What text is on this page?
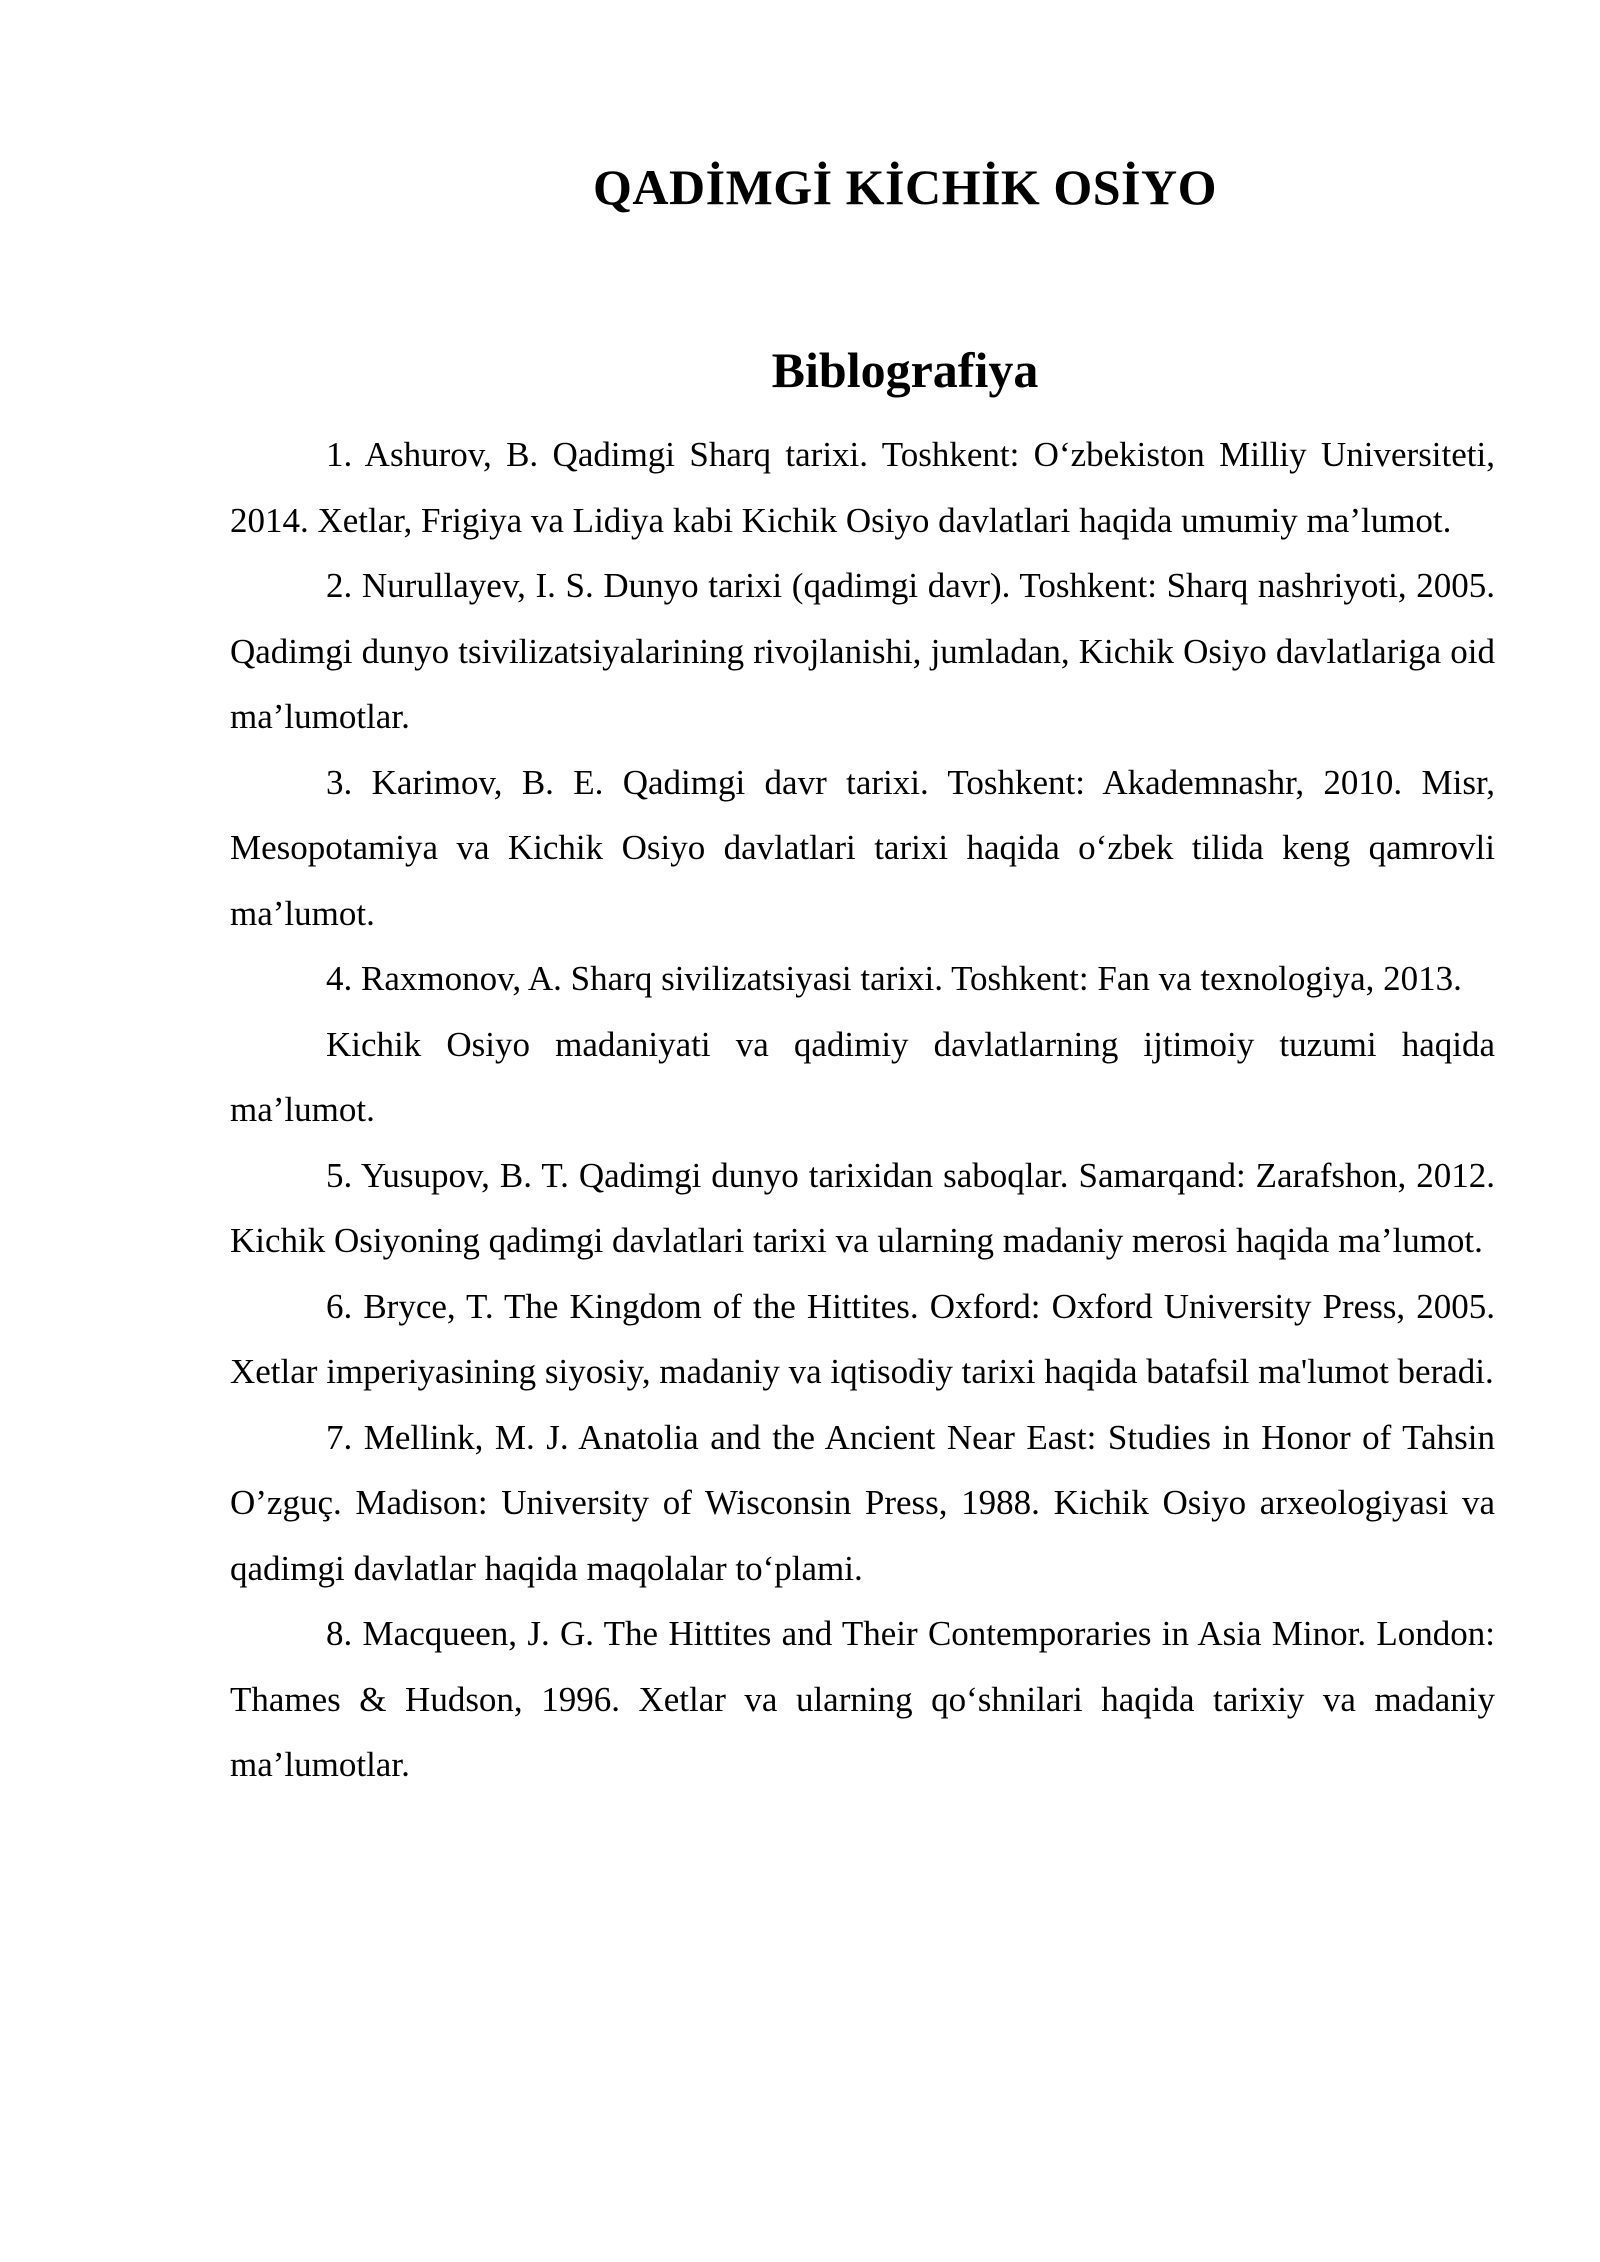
QADİMGİ KİCHİK OSİYO
Biblografiya

1. Ashurov, B. Qadimgi Sharq tarixi. Toshkent: O‘zbekiston Milliy Universiteti, 2014. Xetlar, Frigiya va Lidiya kabi Kichik Osiyo davlatlari haqida umumiy ma’lumot.

2. Nurullayev, I. S. Dunyo tarixi (qadimgi davr). Toshkent: Sharq nashriyoti, 2005. Qadimgi dunyo tsivilizatsiyalarining rivojlanishi, jumladan, Kichik Osiyo davlatlariga oid ma’lumotlar.

3. Karimov, B. E. Qadimgi davr tarixi. Toshkent: Akademnashr, 2010. Misr, Mesopotamiya va Kichik Osiyo davlatlari tarixi haqida o‘zbek tilida keng qamrovli ma’lumot.

4. Raxmonov, A. Sharq sivilizatsiyasi tarixi. Toshkent: Fan va texnologiya, 2013.

Kichik Osiyo madaniyati va qadimiy davlatlarning ijtimoiy tuzumi haqida ma’lumot.

5. Yusupov, B. T. Qadimgi dunyo tarixidan saboqlar. Samarqand: Zarafshon, 2012. Kichik Osiyoning qadimgi davlatlari tarixi va ularning madaniy merosi haqida ma’lumot.

6. Bryce, T. The Kingdom of the Hittites. Oxford: Oxford University Press, 2005. Xetlar imperiyasining siyosiy, madaniy va iqtisodiy tarixi haqida batafsil ma'lumot beradi.

7. Mellink, M. J. Anatolia and the Ancient Near East: Studies in Honor of Tahsin O’zguç. Madison: University of Wisconsin Press, 1988. Kichik Osiyo arxeologiyasi va qadimgi davlatlar haqida maqolalar to‘plami.

8. Macqueen, J. G. The Hittites and Their Contemporaries in Asia Minor. London: Thames & Hudson, 1996. Xetlar va ularning qo‘shnilari haqida tarixiy va madaniy ma’lumotlar.
